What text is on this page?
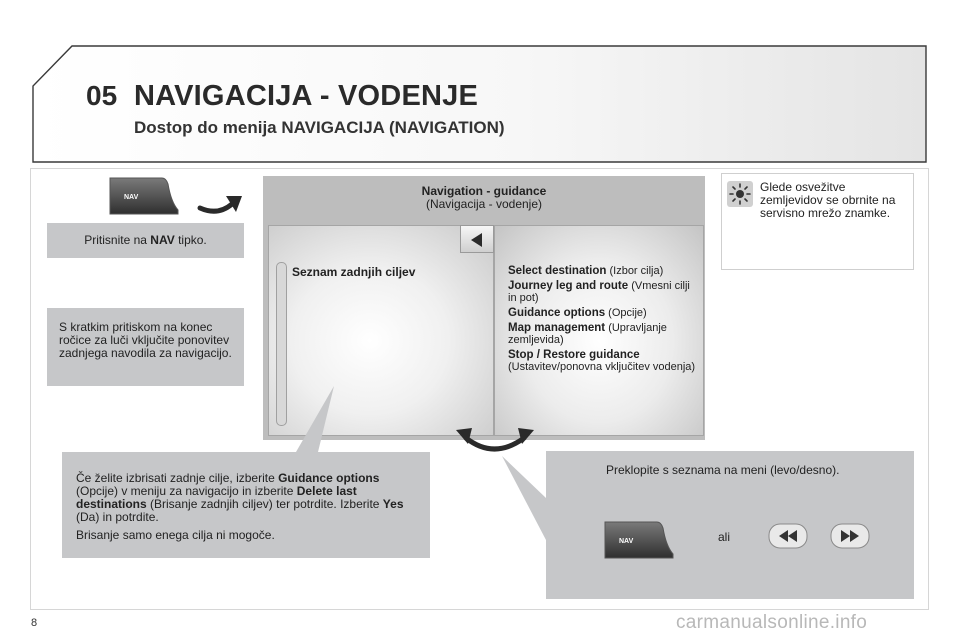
05 NAVIGACIJA - VODENJE
Dostop do menija NAVIGACIJA (NAVIGATION)
NAV
Pritisnite na NAV tipko.
S kratkim pritiskom na konec ročice za luči vključite ponovitev zadnjega navodila za navigacijo.
Navigation - guidance
(Navigacija - vodenje)
Seznam zadnjih ciljev	Select destination (Izbor cilja)
Journey leg and route (Vmesni cilji in pot)
Guidance options (Opcije)
Map management (Upravljanje zemljevida)
Stop / Restore guidance (Ustavitev/ponovna vključitev vodenja)
Glede osvežitve zemljevidov se obrnite na servisno mrežo znamke.

Če želite izbrisati zadnje cilje, izberite Guidance options (Opcije) v meniju za navigacijo in izberite Delete last destinations (Brisanje zadnjih ciljev) ter potrdite. Izberite Yes (Da) in potrdite.

Brisanje samo enega cilja ni mogoče.

Preklopite s seznama na meni (levo/desno).
NAV	ali
8	carmanualsonline.info
